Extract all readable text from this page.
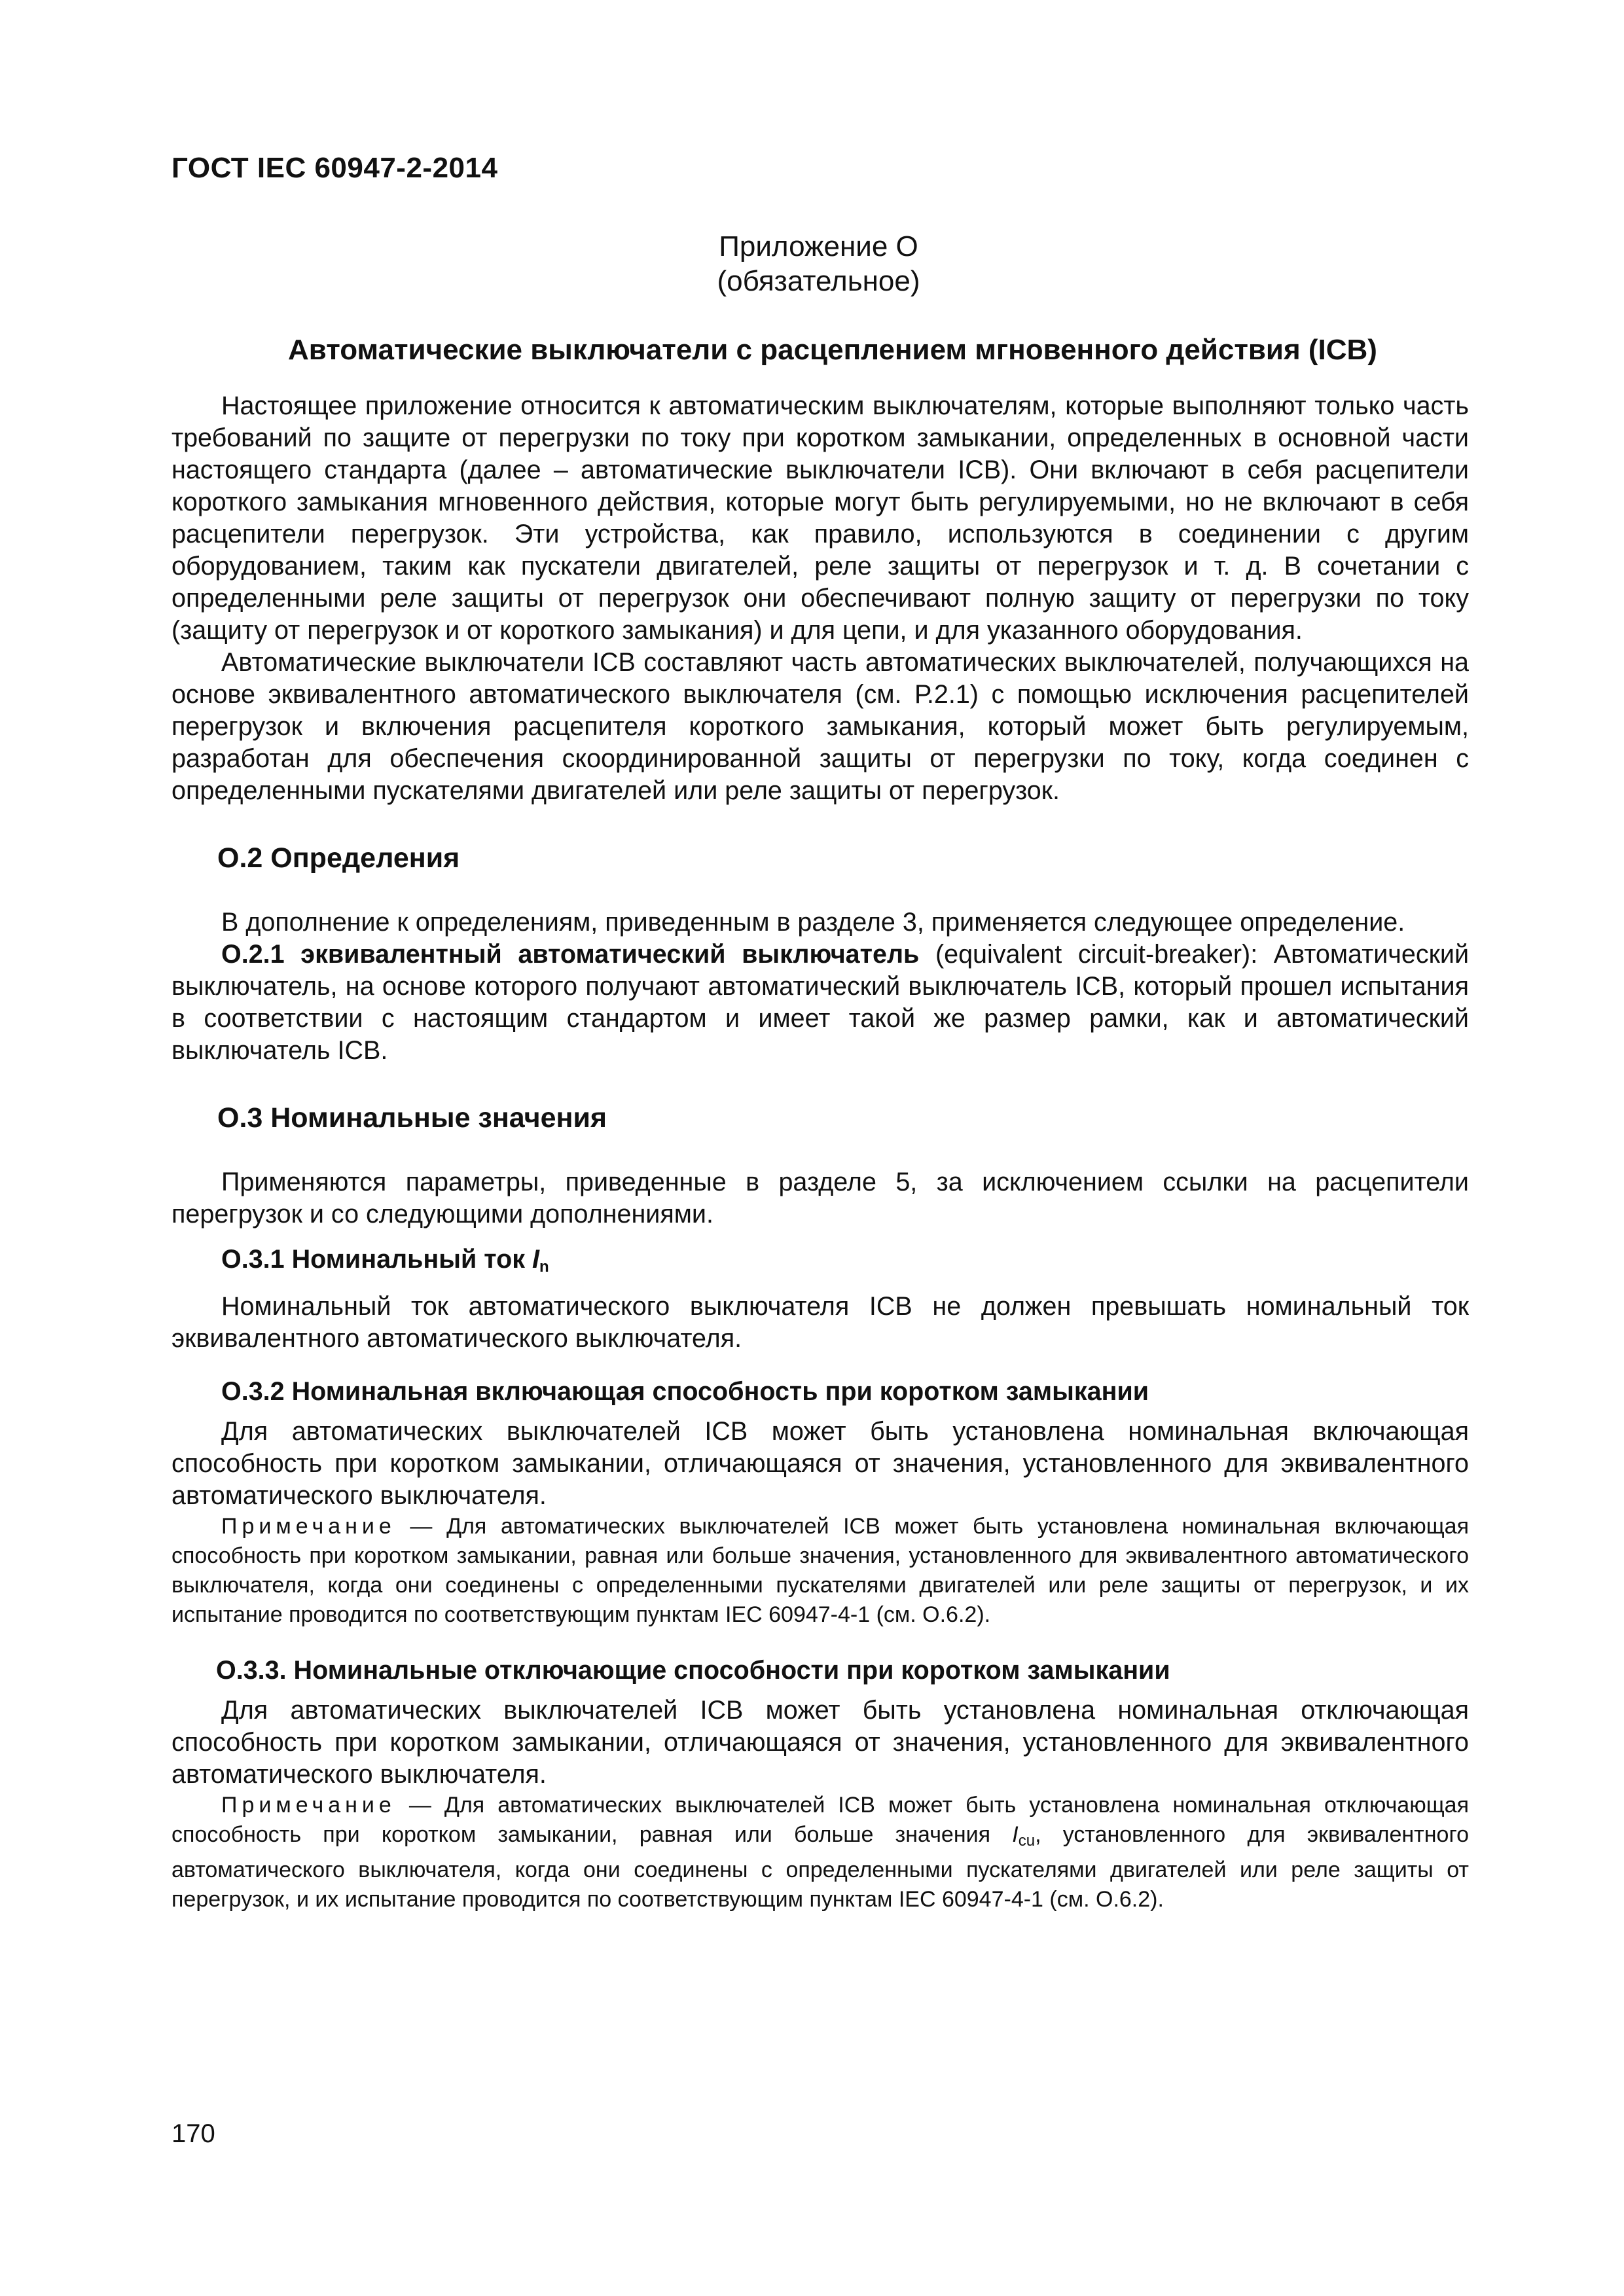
ГОСТ IEC 60947-2-2014
Приложение О
(обязательное)
Автоматические выключатели с расцеплением мгновенного действия (ICB)

Настоящее приложение относится к автоматическим выключателям, которые выполняют только часть требований по защите от перегрузки по току при коротком замыкании, определенных в основной части настоящего стандарта (далее – автоматические выключатели ICB). Они включают в себя расцепители короткого замыкания мгновенного действия, которые могут быть регулируемыми, но не включают в себя расцепители перегрузок. Эти устройства, как правило, используются в соединении с другим оборудованием, таким как пускатели двигателей, реле защиты от перегрузок и т. д. В сочетании с определенными реле защиты от перегрузок они обеспечивают полную защиту от перегрузки по току (защиту от перегрузок и от короткого замыкания) и для цепи, и для указанного оборудования.

Автоматические выключатели ICB составляют часть автоматических выключателей, получающихся на основе эквивалентного автоматического выключателя (см. Р.2.1) с помощью исключения расцепителей перегрузок и включения расцепителя короткого замыкания, который может быть регулируемым, разработан для обеспечения скоординированной защиты от перегрузки по току, когда соединен с определенными пускателями двигателей или реле защиты от перегрузок.

О.2 Определения

В дополнение к определениям, приведенным в разделе 3, применяется следующее определение.

О.2.1 эквивалентный автоматический выключатель (equivalent circuit-breaker): Автоматический выключатель, на основе которого получают автоматический выключатель ICB, который прошел испытания в соответствии с настоящим стандартом и имеет такой же размер рамки, как и автоматический выключатель ICB.

О.3 Номинальные значения

Применяются параметры, приведенные в разделе 5, за исключением ссылки на расцепители перегрузок и со следующими дополнениями.

О.3.1 Номинальный ток $I_n$

Номинальный ток автоматического выключателя ICB не должен превышать номинальный ток эквивалентного автоматического выключателя.

О.3.2 Номинальная включающая способность при коротком замыкании

Для автоматических выключателей ICB может быть установлена номинальная включающая способность при коротком замыкании, отличающаяся от значения, установленного для эквивалентного автоматического выключателя.

Примечание — Для автоматических выключателей ICB может быть установлена номинальная включающая способность при коротком замыкании, равная или больше значения, установленного для эквивалентного автоматического выключателя, когда они соединены с определенными пускателями двигателей или реле защиты от перегрузок, и их испытание проводится по соответствующим пунктам IEC 60947-4-1 (см. О.6.2).

О.3.3. Номинальные отключающие способности при коротком замыкании

Для автоматических выключателей ICB может быть установлена номинальная отключающая способность при коротком замыкании, отличающаяся от значения, установленного для эквивалентного автоматического выключателя.

Примечание — Для автоматических выключателей ICB может быть установлена номинальная отключающая способность при коротком замыкании, равная или больше значения $I_{cu}$, установленного для эквивалентного автоматического выключателя, когда они соединены с определенными пускателями двигателей или реле защиты от перегрузок, и их испытание проводится по соответствующим пунктам IEC 60947-4-1 (см. О.6.2).

170
